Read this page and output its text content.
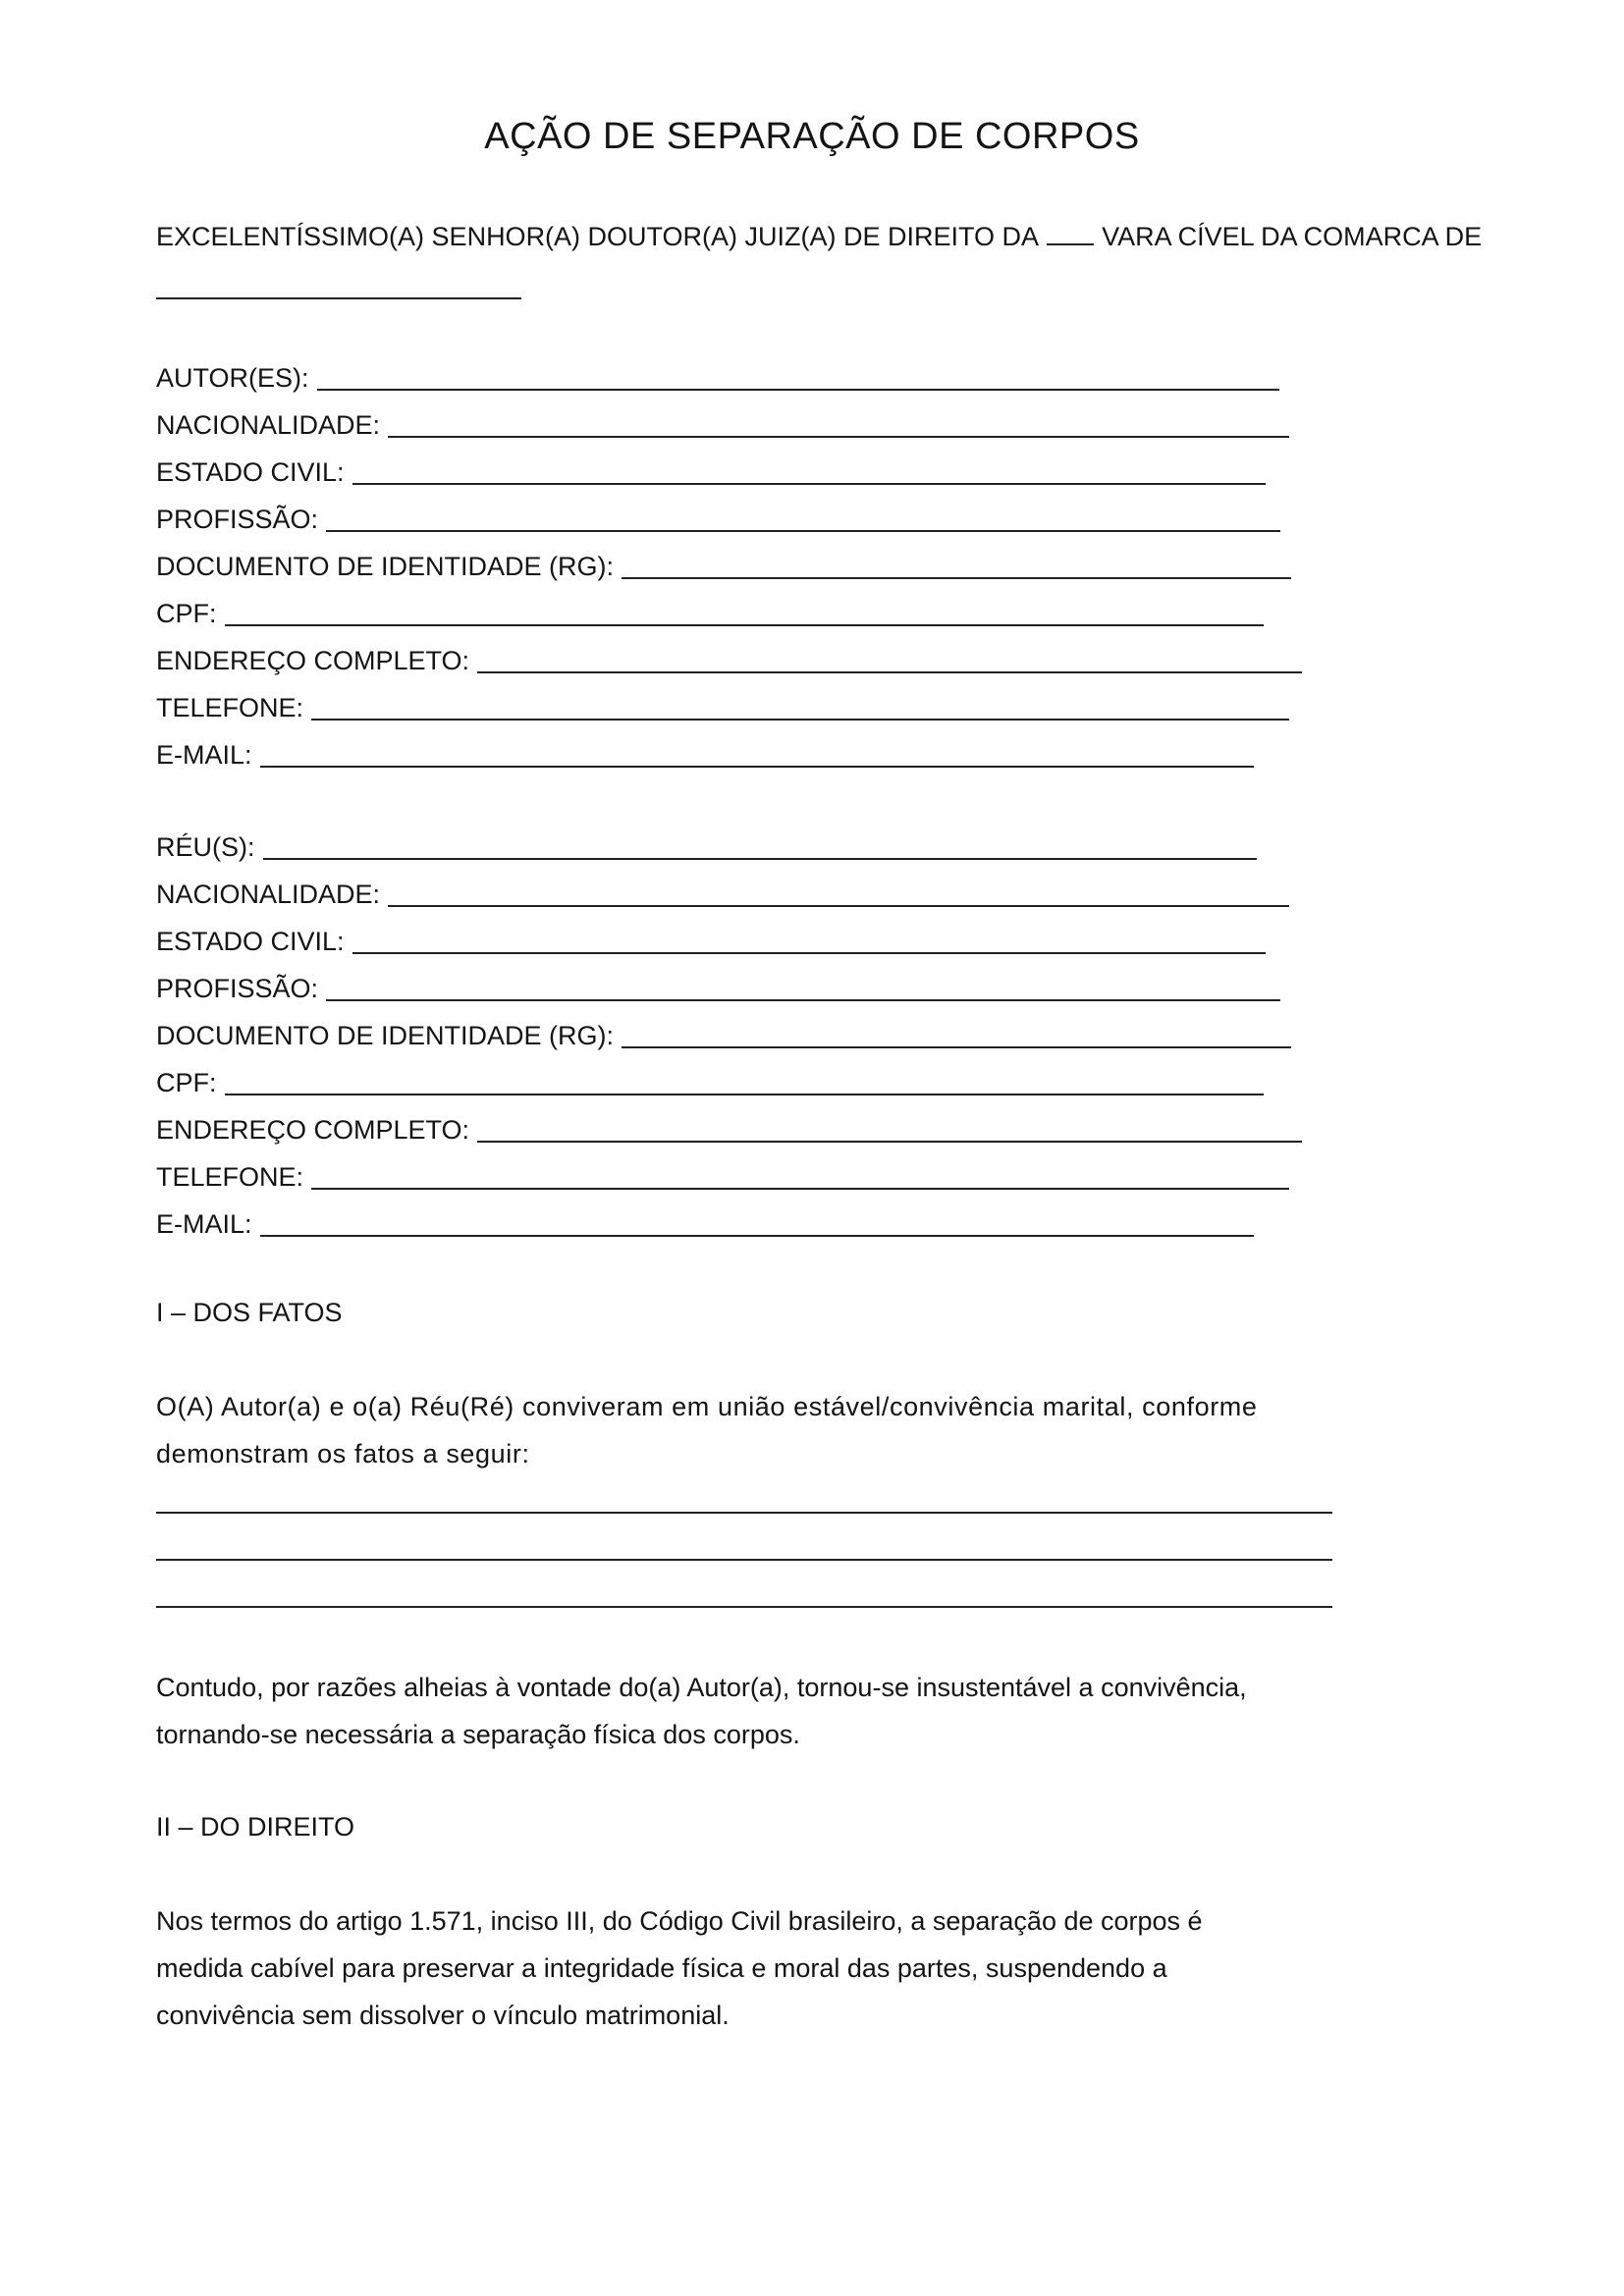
AÇÃO DE SEPARAÇÃO DE CORPOS
EXCELENTÍSSIMO(A) SENHOR(A) DOUTOR(A) JUIZ(A) DE DIREITO DA VARA CÍVEL DA COMARCA DE
AUTOR(ES):
NACIONALIDADE:
ESTADO CIVIL:
PROFISSÃO:
DOCUMENTO DE IDENTIDADE (RG):
CPF:
ENDEREÇO COMPLETO:
TELEFONE:
E-MAIL:
RÉU(S):
NACIONALIDADE:
ESTADO CIVIL:
PROFISSÃO:
DOCUMENTO DE IDENTIDADE (RG):
CPF:
ENDEREÇO COMPLETO:
TELEFONE:
E-MAIL:
I – DOS FATOS
O(A) Autor(a) e o(a) Réu(Ré) conviveram em união estável/convivência marital, conforme
demonstram os fatos a seguir:
Contudo, por razões alheias à vontade do(a) Autor(a), tornou-se insustentável a convivência,
tornando-se necessária a separação física dos corpos.
II – DO DIREITO
Nos termos do artigo 1.571, inciso III, do Código Civil brasileiro, a separação de corpos é
medida cabível para preservar a integridade física e moral das partes, suspendendo a
convivência sem dissolver o vínculo matrimonial.
